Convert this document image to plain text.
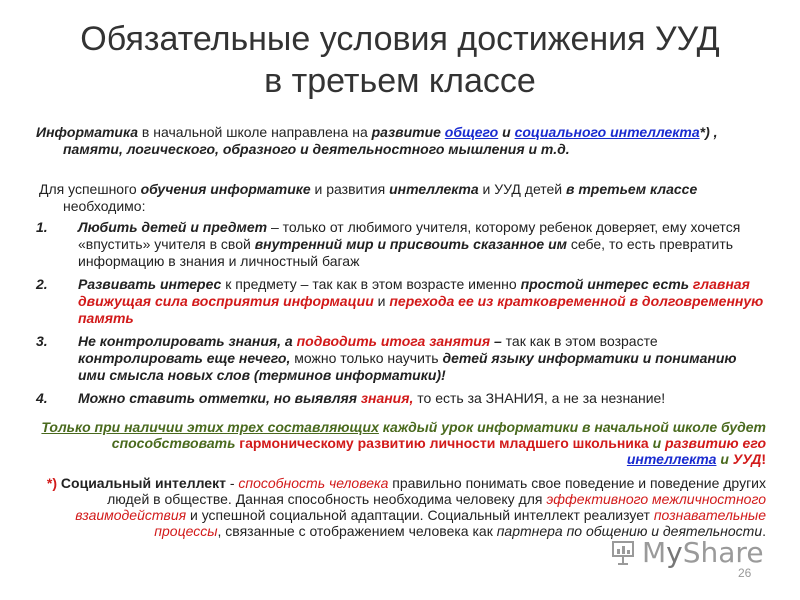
Обязательные условия достижения УУД
в третьем классе

Информатика в начальной школе направлена на развитие общего и социального интеллекта*) , памяти, логического, образного и деятельностного мышления и т.д.

Для успешного обучения информатике и развития интеллекта и УУД детей в третьем классе необходимо:

1. Любить детей и предмет – только от любимого учителя, которому ребенок доверяет, ему хочется «впустить» учителя в свой внутренний мир и присвоить сказанное им себе, то есть превратить информацию в знания и личностный багаж
2. Развивать интерес к предмету – так как в этом возрасте именно простой интерес есть главная движущая сила восприятия информации и перехода ее из кратковременной в долговременную память
3. Не контролировать знания, а подводить итога занятия – так как в этом возрасте контролировать еще нечего, можно только научить детей языку информатики и пониманию ими смысла новых слов (терминов информатики)!
4. Можно ставить отметки, но выявляя знания, то есть за ЗНАНИЯ, а не за незнание!

Только при наличии этих трех составляющих каждый урок информатики в начальной школе будет способствовать гармоническому развитию личности младшего школьника и развитию его интеллекта и УУД!

*) Социальный интеллект - способность человека правильно понимать свое поведение и поведение других людей в обществе. Данная способность необходима человеку для эффективного межличностного взаимодействия и успешной социальной адаптации. Социальный интеллект реализует познавательные процессы, связанные с отображением человека как партнера по общению и деятельности.

MyShare
26
